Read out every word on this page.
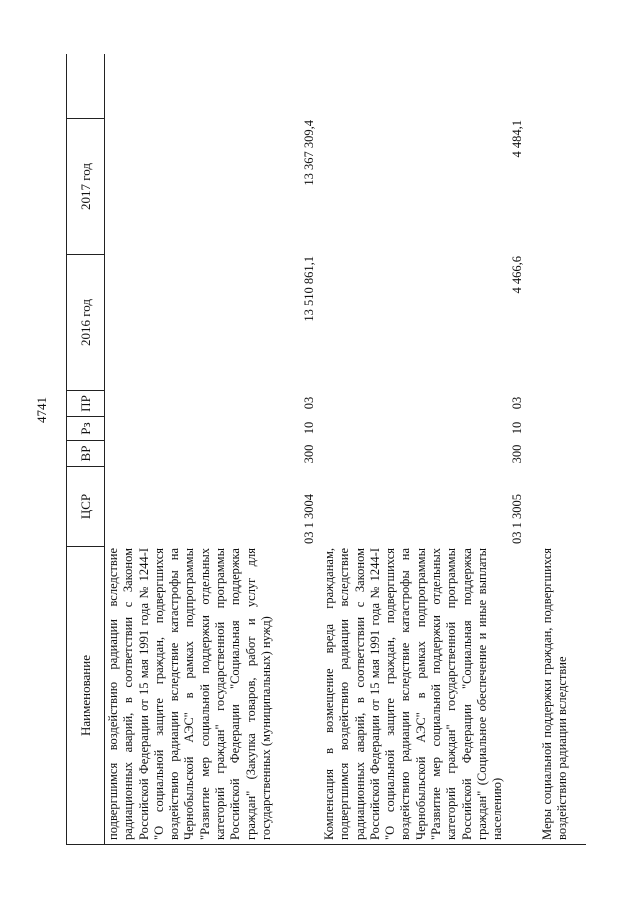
4741
Наименование
ЦСР
ВР
Рз
ПР
2016 год
2017 год
подвергшимся воздействию радиации вследствие радиационных аварий, в соответствии с Законом Российской Федерации от 15 мая 1991 года № 1244-I "О социальной защите граждан, подвергшихся воздействию радиации вследствие катастрофы на Чернобыльской АЭС" в рамках подпрограммы "Развитие мер социальной поддержки отдельных категорий граждан" государственной программы Российской Федерации "Социальная поддержка граждан" (Закупка товаров, работ и услуг для государственных (муниципальных) нужд)
03 1 3004
300
10
03
13 510 861,1
13 367 309,4
Компенсация в возмещение вреда гражданам, подвергшимся воздействию радиации вследствие радиационных аварий, в соответствии с Законом Российской Федерации от 15 мая 1991 года № 1244-I "О социальной защите граждан, подвергшихся воздействию радиации вследствие катастрофы на Чернобыльской АЭС" в рамках подпрограммы "Развитие мер социальной поддержки отдельных категорий граждан" государственной программы Российской Федерации "Социальная поддержка граждан" (Социальное обеспечение и иные выплаты населению)
03 1 3005
300
10
03
4 466,6
4 484,1
Меры социальной поддержки граждан, подвергшихся воздействию радиации вследствие
